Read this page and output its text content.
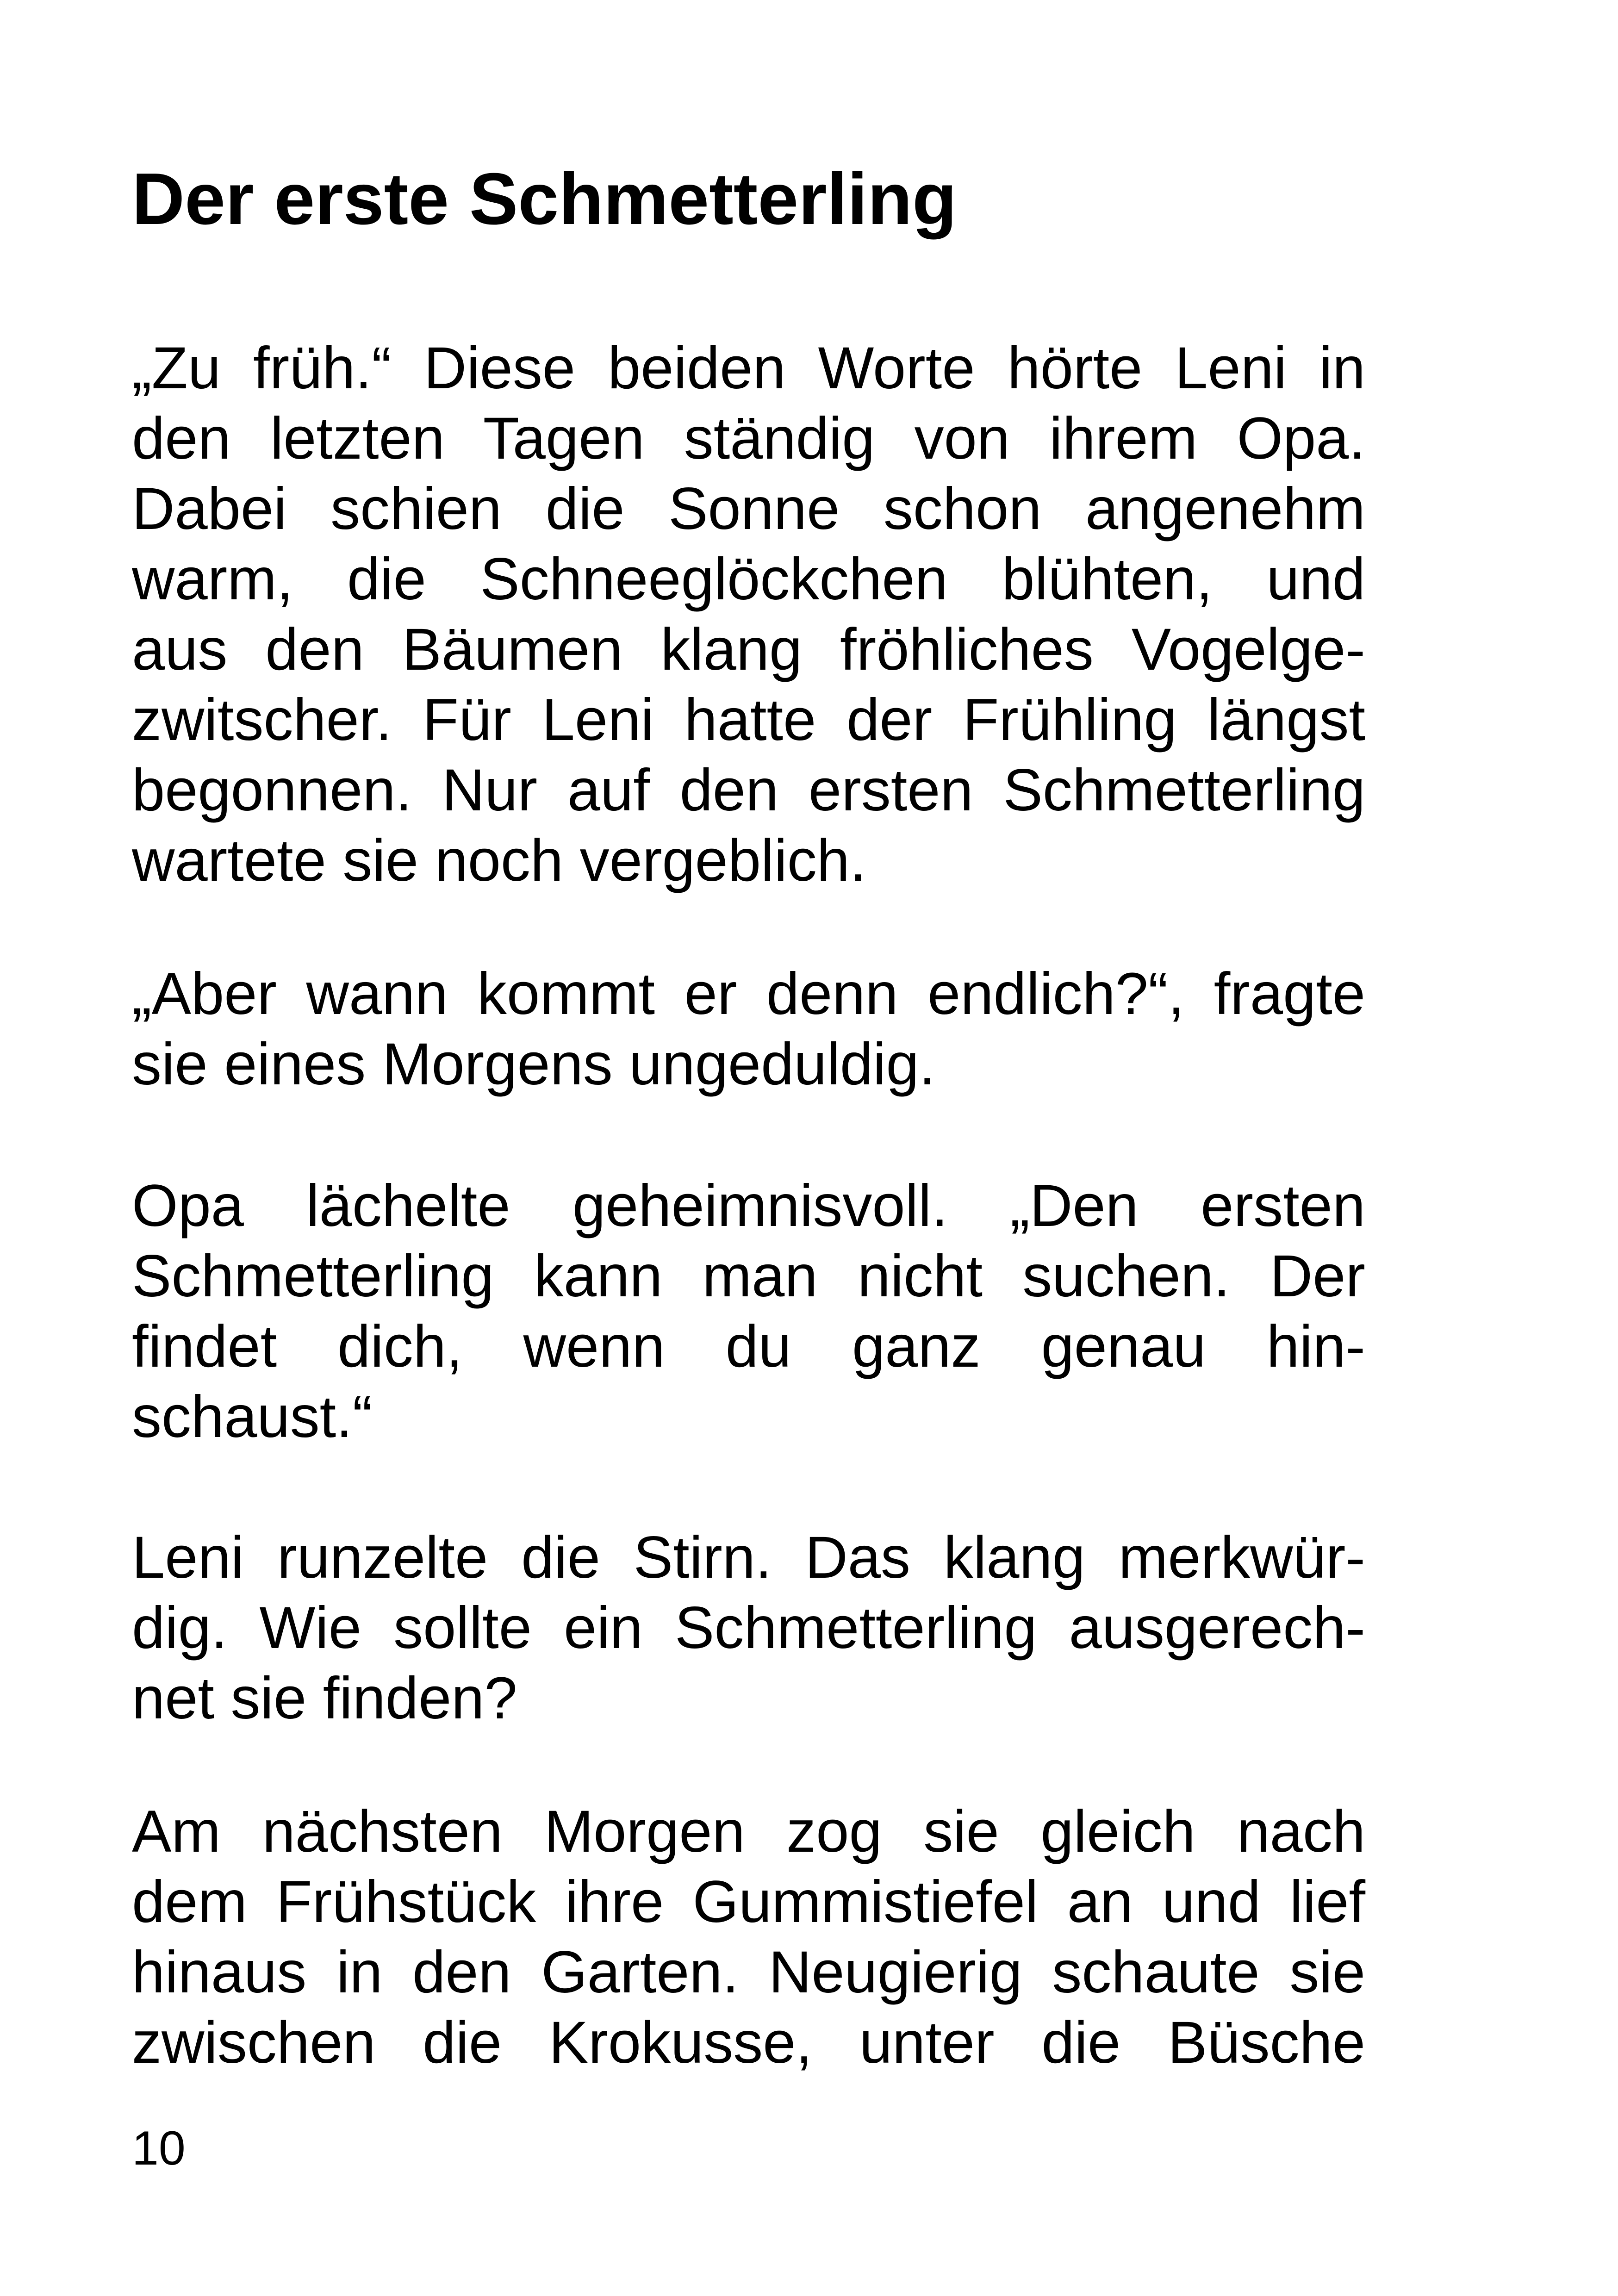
Der erste Schmetterling

„Zu früh.“ Diese beiden Worte hörte Leni in

den letzten Tagen ständig von ihrem Opa.

Dabei schien die Sonne schon angenehm

warm, die Schneeglöckchen blühten, und

aus den Bäumen klang fröhliches Vogelge-

zwitscher. Für Leni hatte der Frühling längst

begonnen. Nur auf den ersten Schmetterling

wartete sie noch vergeblich.

„Aber wann kommt er denn endlich?“, fragte

sie eines Morgens ungeduldig.

Opa lächelte geheimnisvoll. „Den ersten

Schmetterling kann man nicht suchen. Der

findet dich, wenn du ganz genau hin-

schaust.“

Leni runzelte die Stirn. Das klang merkwür-

dig. Wie sollte ein Schmetterling ausgerech-

net sie finden?

Am nächsten Morgen zog sie gleich nach

dem Frühstück ihre Gummistiefel an und lief

hinaus in den Garten. Neugierig schaute sie

zwischen die Krokusse, unter die Büsche

10
